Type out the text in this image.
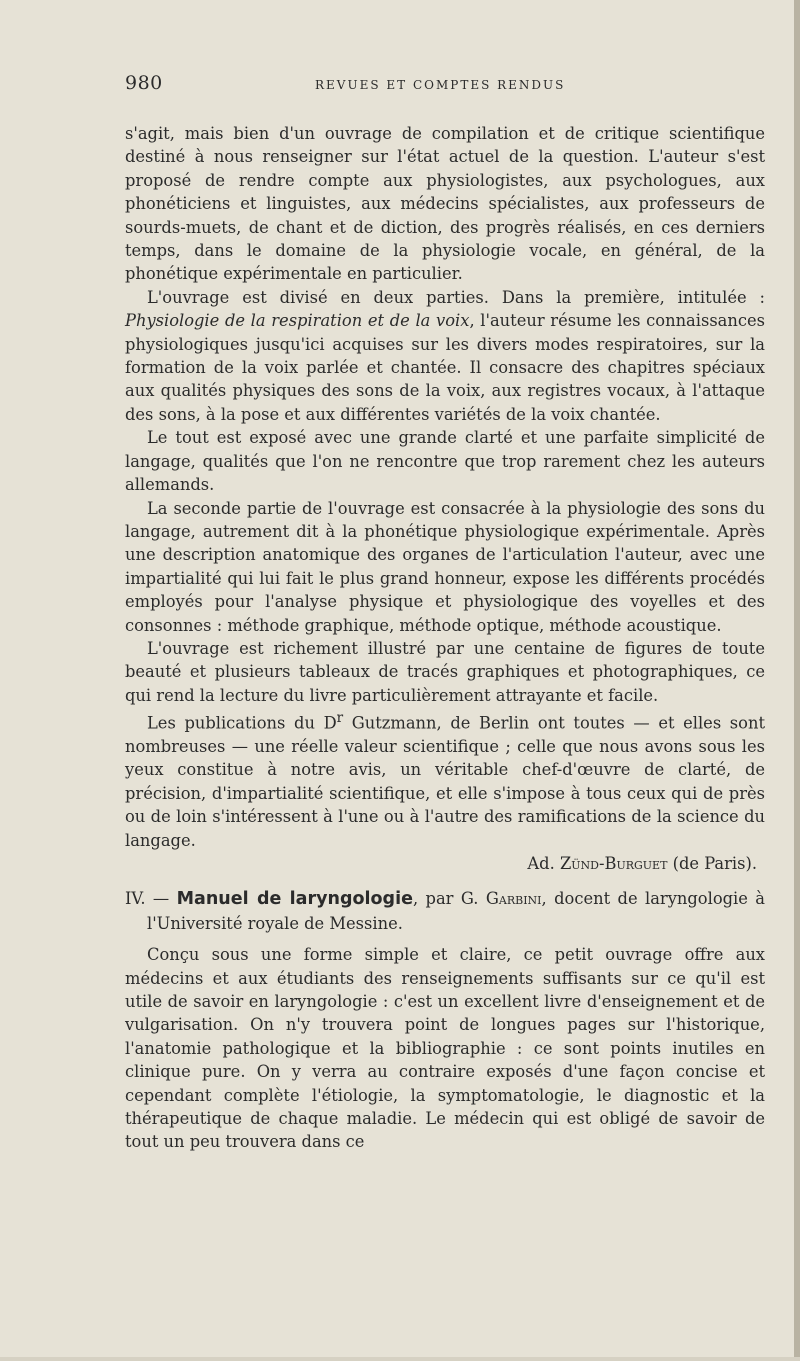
980	REVUES ET COMPTES RENDUS

s'agit, mais bien d'un ouvrage de compilation et de critique scientifique destiné à nous renseigner sur l'état actuel de la question. L'auteur s'est proposé de rendre compte aux physiologistes, aux psychologues, aux phonéticiens et linguistes, aux médecins spécialistes, aux professeurs de sourds-muets, de chant et de diction, des progrès réalisés, en ces derniers temps, dans le domaine de la physiologie vocale, en général, de la phonétique expérimentale en particulier.

L'ouvrage est divisé en deux parties. Dans la première, intitulée : Physiologie de la respiration et de la voix, l'auteur résume les connaissances physiologiques jusqu'ici acquises sur les divers modes respiratoires, sur la formation de la voix parlée et chantée. Il consacre des chapitres spéciaux aux qualités physiques des sons de la voix, aux registres vocaux, à l'attaque des sons, à la pose et aux différentes variétés de la voix chantée.

Le tout est exposé avec une grande clarté et une parfaite simplicité de langage, qualités que l'on ne rencontre que trop rarement chez les auteurs allemands.

La seconde partie de l'ouvrage est consacrée à la physiologie des sons du langage, autrement dit à la phonétique physiologique expérimentale. Après une description anatomique des organes de l'articulation l'auteur, avec une impartialité qui lui fait le plus grand honneur, expose les différents procédés employés pour l'analyse physique et physiologique des voyelles et des consonnes : méthode graphique, méthode optique, méthode acoustique.

L'ouvrage est richement illustré par une centaine de figures de toute beauté et plusieurs tableaux de tracés graphiques et photographiques, ce qui rend la lecture du livre particulièrement attrayante et facile.

Les publications du $D^r$ Gutzmann, de Berlin ont toutes — et elles sont nombreuses — une réelle valeur scientifique ; celle que nous avons sous les yeux constitue à notre avis, un véritable chef-d'œuvre de clarté, de précision, d'impartialité scientifique, et elle s'impose à tous ceux qui de près ou de loin s'intéressent à l'une ou à l'autre des ramifications de la science du langage.

Ad. Zünd-Burguet (de Paris).

IV. — Manuel de laryngologie, par G. Garbini, docent de laryngologie à l'Université royale de Messine.

Conçu sous une forme simple et claire, ce petit ouvrage offre aux médecins et aux étudiants des renseignements suffisants sur ce qu'il est utile de savoir en laryngologie : c'est un excellent livre d'enseignement et de vulgarisation. On n'y trouvera point de longues pages sur l'historique, l'anatomie pathologique et la bibliographie : ce sont points inutiles en clinique pure. On y verra au contraire exposés d'une façon concise et cependant complète l'étiologie, la symptomatologie, le diagnostic et la thérapeutique de chaque maladie. Le médecin qui est obligé de savoir de tout un peu trouvera dans ce
